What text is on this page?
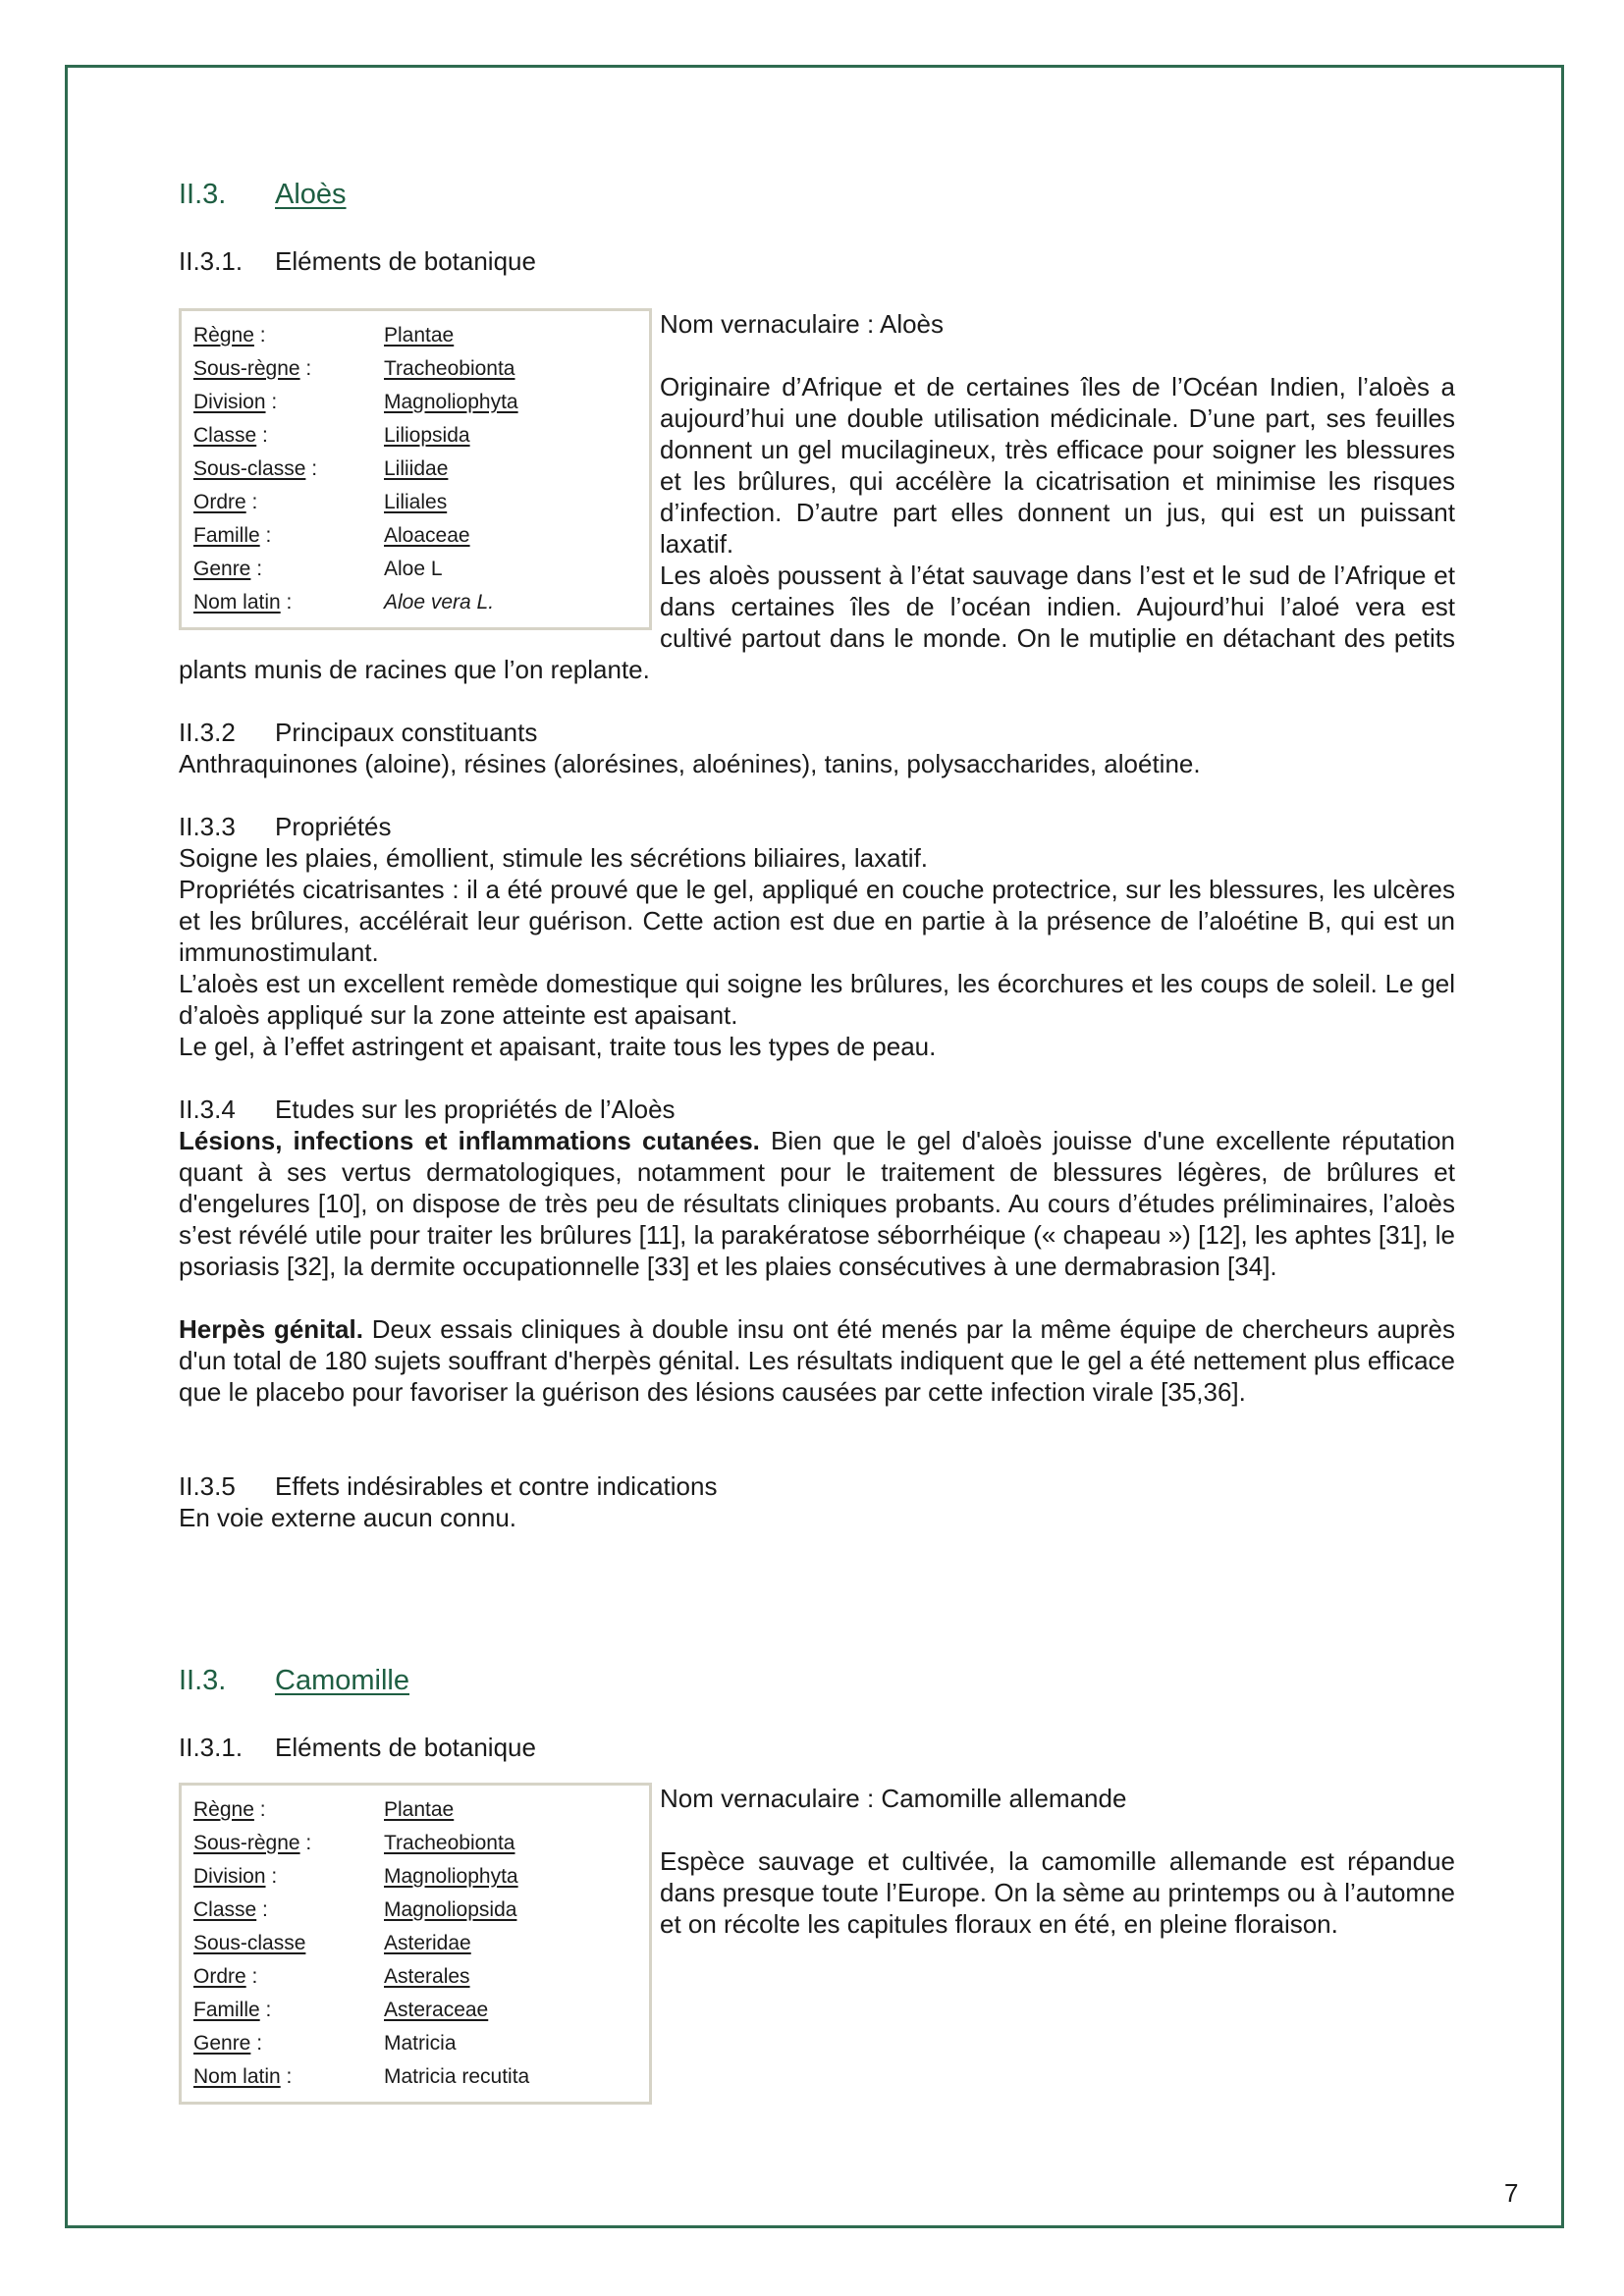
II.3. Aloès
II.3.1. Eléments de botanique
Règne :	Plantae
Sous-règne :	Tracheobionta
Division :	Magnoliophyta
Classe :	Liliopsida
Sous-classe :	Liliidae
Ordre :	Liliales
Famille :	Aloaceae
Genre :	Aloe L
Nom latin :	Aloe vera L.

Nom vernaculaire : Aloès

Originaire d’Afrique et de certaines îles de l’Océan Indien, l’aloès a aujourd’hui une double utilisation médicinale. D’une part, ses feuilles donnent un gel mucilagineux, très efficace pour soigner les blessures et les brûlures, qui accélère la cicatrisation et minimise les risques d’infection. D’autre part elles donnent un jus, qui est un puissant laxatif.

Les aloès poussent à l’état sauvage dans l’est et le sud de l’Afrique et dans certaines îles de l’océan indien. Aujourd’hui l’aloé vera est cultivé partout dans le monde. On le mutiplie en détachant des petits plants munis de racines que l’on replante.

II.3.2 Principaux constituants

Anthraquinones (aloine), résines (alorésines, aloénines), tanins, polysaccharides, aloétine.

II.3.3 Propriétés

Soigne les plaies, émollient, stimule les sécrétions biliaires, laxatif.

Propriétés cicatrisantes : il a été prouvé que le gel, appliqué en couche protectrice, sur les blessures, les ulcères et les brûlures, accélérait leur guérison. Cette action est due en partie à la présence de l’aloétine B, qui est un immunostimulant.

L’aloès est un excellent remède domestique qui soigne les brûlures, les écorchures et les coups de soleil. Le gel d’aloès appliqué sur la zone atteinte est apaisant.

Le gel, à l’effet astringent et apaisant, traite tous les types de peau.

II.3.4 Etudes sur les propriétés de l’Aloès

Lésions, infections et inflammations cutanées. Bien que le gel d'aloès jouisse d'une excellente réputation quant à ses vertus dermatologiques, notamment pour le traitement de blessures légères, de brûlures et d'engelures [10], on dispose de très peu de résultats cliniques probants. Au cours d’études préliminaires, l’aloès s’est révélé utile pour traiter les brûlures [11], la parakératose séborrhéique (« chapeau ») [12], les aphtes [31], le psoriasis [32], la dermite occupationnelle [33] et les plaies consécutives à une dermabrasion [34].

Herpès génital. Deux essais cliniques à double insu ont été menés par la même équipe de chercheurs auprès d'un total de 180 sujets souffrant d'herpès génital. Les résultats indiquent que le gel a été nettement plus efficace que le placebo pour favoriser la guérison des lésions causées par cette infection virale [35,36].

II.3.5 Effets indésirables et contre indications

En voie externe aucun connu.

II.3. Camomille
II.3.1. Eléments de botanique
Règne :	Plantae
Sous-règne :	Tracheobionta
Division :	Magnoliophyta
Classe :	Magnoliopsida
Sous-classe	Asteridae
Ordre :	Asterales
Famille :	Asteraceae
Genre :	Matricia
Nom latin :	Matricia recutita

Nom vernaculaire : Camomille allemande

Espèce sauvage et cultivée, la camomille allemande est répandue dans presque toute l’Europe. On la sème au printemps ou à l’automne et on récolte les capitules floraux en été, en pleine floraison.

7
